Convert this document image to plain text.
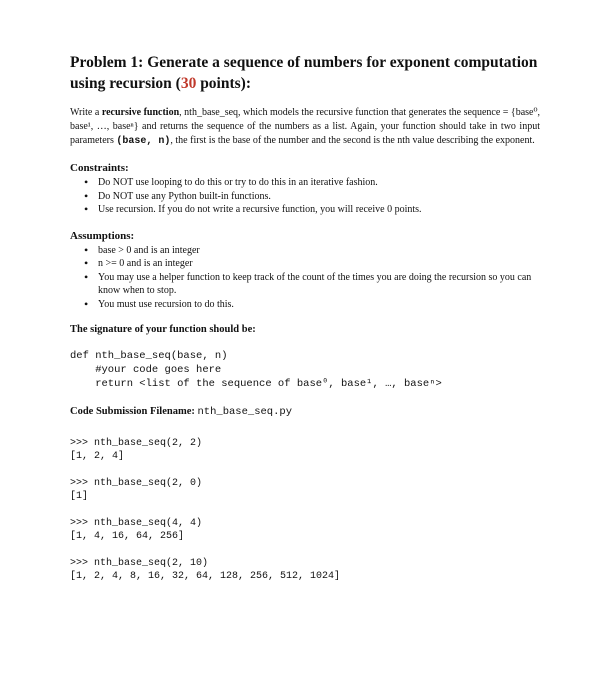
Problem 1: Generate a sequence of numbers for exponent computation using recursion (30 points):
Write a recursive function, nth_base_seq, which models the recursive function that generates the sequence = {base⁰, base¹, …, baseⁿ} and returns the sequence of the numbers as a list. Again, your function should take in two input parameters (base, n), the first is the base of the number and the second is the nth value describing the exponent.
Constraints:
• Do NOT use looping to do this or try to do this in an iterative fashion.
• Do NOT use any Python built-in functions.
• Use recursion. If you do not write a recursive function, you will receive 0 points.
Assumptions:
• base > 0 and is an integer
• n >= 0 and is an integer
• You may use a helper function to keep track of the count of the times you are doing the recursion so you can know when to stop.
• You must use recursion to do this.
The signature of your function should be:
def nth_base_seq(base, n)
#your code goes here
return <list of the sequence of base⁰, base¹, …, baseⁿ>
Code Submission Filename: nth_base_seq.py
>>> nth_base_seq(2, 2)
[1, 2, 4]
>>> nth_base_seq(2, 0)
[1]
>>> nth_base_seq(4, 4)
[1, 4, 16, 64, 256]
>>> nth_base_seq(2, 10)
[1, 2, 4, 8, 16, 32, 64, 128, 256, 512, 1024]
